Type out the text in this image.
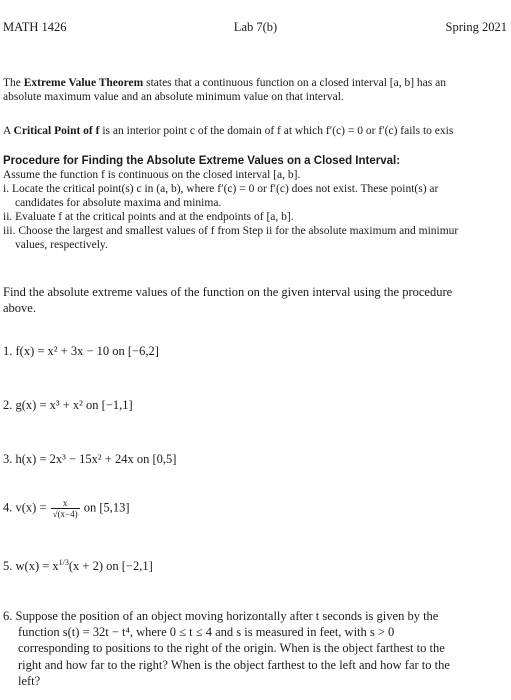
MATH 1426	Lab 7(b)	Spring 2021
The Extreme Value Theorem states that a continuous function on a closed interval [a, b] has an
absolute maximum value and an absolute minimum value on that interval.
A Critical Point of f is an interior point c of the domain of f at which f′(c) = 0 or f′(c) fails to exis
Procedure for Finding the Absolute Extreme Values on a Closed Interval:
Assume the function f is continuous on the closed interval [a, b].
i. Locate the critical point(s) c in (a, b), where f′(c) = 0 or f′(c) does not exist. These point(s) ar
candidates for absolute maxima and minima.
ii. Evaluate f at the critical points and at the endpoints of [a, b].
iii. Choose the largest and smallest values of f from Step ii for the absolute maximum and minimur
values, respectively.
Find the absolute extreme values of the function on the given interval using the procedure
above.
1. f(x) = x² + 3x − 10 on [−6,2]
2. g(x) = x³ + x² on [−1,1]
3. h(x) = 2x³ − 15x² + 24x on [0,5]
4. $v(x) = \frac{x}{√(x-4)}$ on [5,13]
5. $w(x) = x^{1/3}(x + 2)$ on [−2,1]
6. Suppose the position of an object moving horizontally after t seconds is given by the
function s(t) = 32t − t⁴, where 0 ≤ t ≤ 4 and s is measured in feet, with s > 0
corresponding to positions to the right of the origin. When is the object farthest to the
right and how far to the right? When is the object farthest to the left and how far to the
left?
